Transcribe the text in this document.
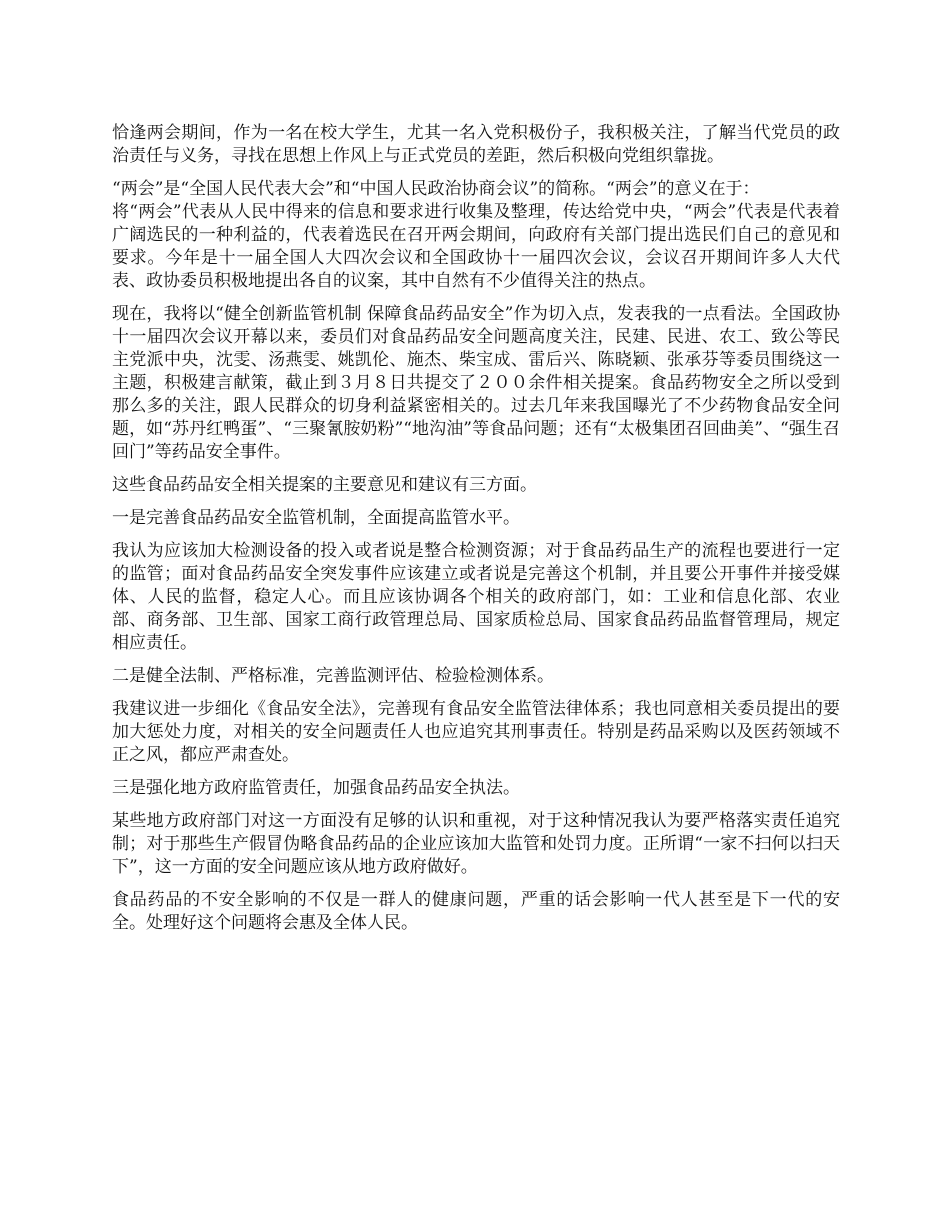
恰逢两会期间，作为一名在校大学生，尤其一名入党积极份子，我积极关注，了解当代党员的政治责任与义务，寻找在思想上作风上与正式党员的差距，然后积极向党组织靠拢。

“两会”是“全国人民代表大会”和“中国人民政治协商会议”的简称。“两会”的意义在于：
将“两会”代表从人民中得来的信息和要求进行收集及整理，传达给党中央，“两会”代表是代表着广阔选民的一种利益的，代表着选民在召开两会期间，向政府有关部门提出选民们自己的意见和要求。今年是十一届全国人大四次会议和全国政协十一届四次会议，会议召开期间许多人大代表、政协委员积极地提出各自的议案，其中自然有不少值得关注的热点。

现在，我将以“健全创新监管机制 保障食品药品安全”作为切入点，发表我的一点看法。全国政协十一届四次会议开幕以来，委员们对食品药品安全问题高度关注，民建、民进、农工、致公等民主党派中央，沈雯、汤燕雯、姚凯伦、施杰、柴宝成、雷后兴、陈晓颖、张承芬等委员围绕这一主题，积极建言献策，截止到３月８日共提交了２００余件相关提案。食品药物安全之所以受到那么多的关注，跟人民群众的切身利益紧密相关的。过去几年来我国曝光了不少药物食品安全问题，如“苏丹红鸭蛋”、“三聚氰胺奶粉”“地沟油”等食品问题；还有“太极集团召回曲美”、“强生召回门”等药品安全事件。

这些食品药品安全相关提案的主要意见和建议有三方面。

一是完善食品药品安全监管机制，全面提高监管水平。

我认为应该加大检测设备的投入或者说是整合检测资源；对于食品药品生产的流程也要进行一定的监管；面对食品药品安全突发事件应该建立或者说是完善这个机制，并且要公开事件并接受媒体、人民的监督，稳定人心。而且应该协调各个相关的政府部门，如：工业和信息化部、农业部、商务部、卫生部、国家工商行政管理总局、国家质检总局、国家食品药品监督管理局，规定相应责任。

二是健全法制、严格标准，完善监测评估、检验检测体系。

我建议进一步细化《食品安全法》，完善现有食品安全监管法律体系；我也同意相关委员提出的要加大惩处力度，对相关的安全问题责任人也应追究其刑事责任。特别是药品采购以及医药领域不正之风，都应严肃查处。

三是强化地方政府监管责任，加强食品药品安全执法。

某些地方政府部门对这一方面没有足够的认识和重视，对于这种情况我认为要严格落实责任追究制；对于那些生产假冒伪略食品药品的企业应该加大监管和处罚力度。正所谓“一家不扫何以扫天下”，这一方面的安全问题应该从地方政府做好。

食品药品的不安全影响的不仅是一群人的健康问题，严重的话会影响一代人甚至是下一代的安全。处理好这个问题将会惠及全体人民。
